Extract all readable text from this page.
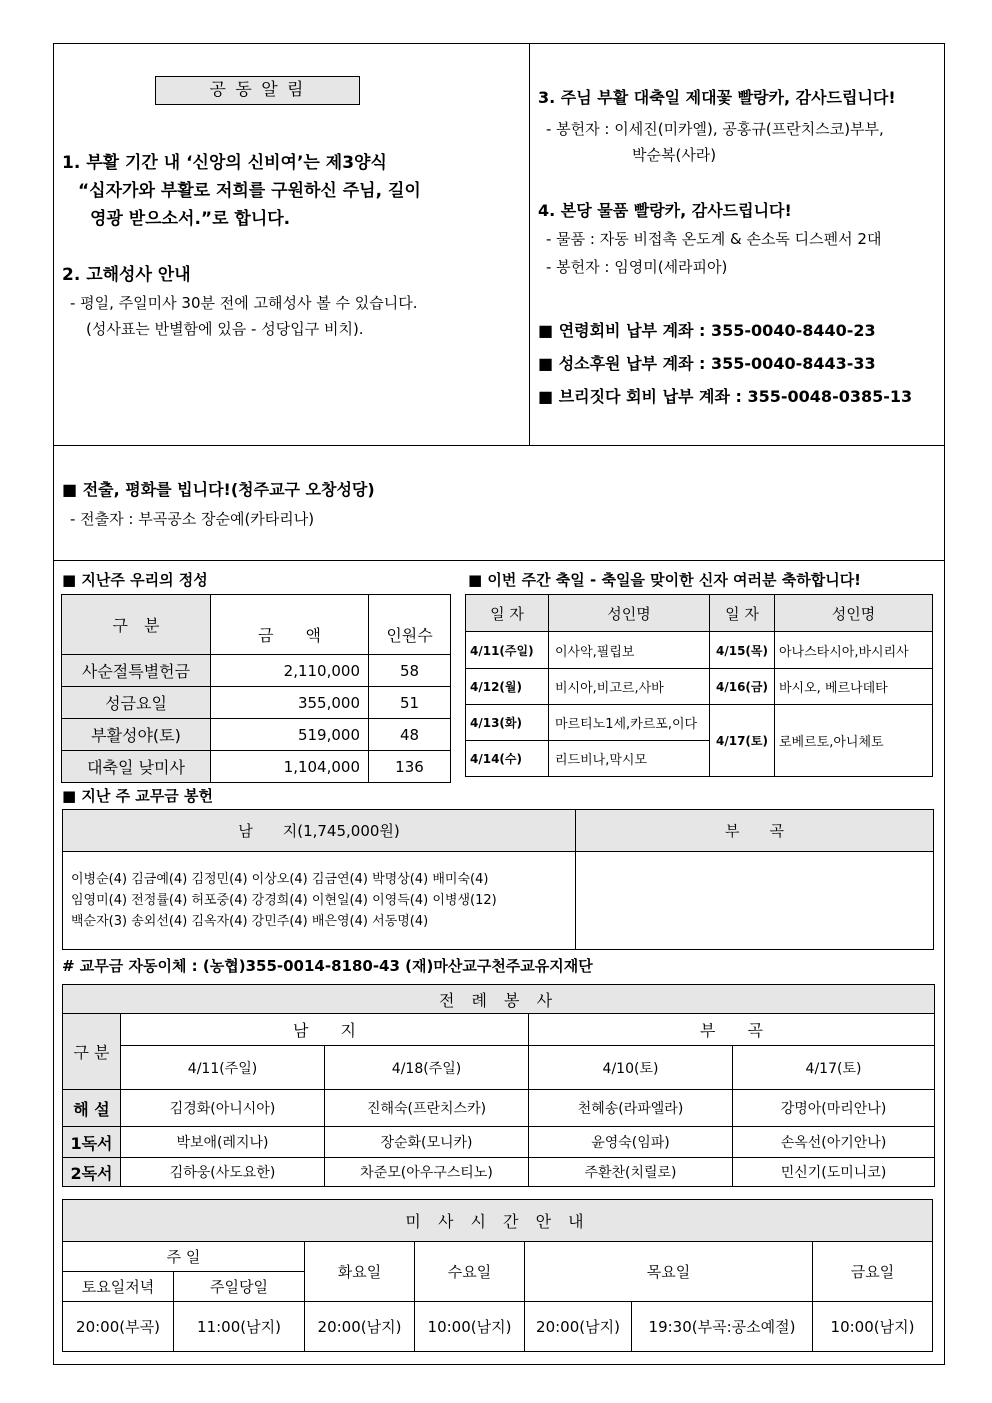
공 동 알 림
1. 부활 기간 내 ‘신앙의 신비여’는 제3양식
“십자가와 부활로 저희를 구원하신 주님, 길이
영광 받으소서.”로 합니다.
2. 고해성사 안내
- 평일, 주일미사 30분 전에 고해성사 볼 수 있습니다.
(성사표는 반별함에 있음 - 성당입구 비치).
3. 주님 부활 대축일 제대꽃 빨랑카, 감사드립니다!
- 봉헌자 : 이세진(미카엘), 공홍규(프란치스코)부부,
박순복(사라)
4. 본당 물품 빨랑카, 감사드립니다!
- 물품 : 자동 비접촉 온도계 & 손소독 디스펜서 2대
- 봉헌자 : 임영미(세라피아)
■ 연령회비 납부 계좌 : 355-0040-8440-23
■ 성소후원 납부 계좌 : 355-0040-8443-33
■ 브리짓다 회비 납부 계좌 : 355-0048-0385-13
■ 전출, 평화를 빕니다!(청주교구 오창성당)
- 전출자 : 부곡공소 장순예(카타리나)
■ 지난주 우리의 정성
구　분	금　　액	인원수
사순절특별헌금	2,110,000	58
성금요일	355,000	51
부활성야(토)	519,000	48
대축일 낮미사	1,104,000	136
■ 이번 주간 축일 - 축일을 맞이한 신자 여러분 축하합니다!
일 자	성인명	일 자	성인명
4/11(주일)	이사악,필립보	4/15(목)	아나스타시아,바시리사
4/12(월)	비시아,비고르,사바	4/16(금)	바시오, 베르나데타
4/13(화)	마르티노1세,카르포,이다	4/17(토)	로베르토,아니체토
4/14(수)	리드비나,막시모		
■ 지난 주 교무금 봉헌
남　　지(1,745,000원)	부　　곡

이병순(4) 김금예(4) 김정민(4) 이상오(4) 김금연(4) 박명상(4) 배미숙(4)
임영미(4) 전정률(4) 허포중(4) 강경희(4) 이현일(4) 이영득(4) 이병생(12)
백순자(3) 송외선(4) 김옥자(4) 강민주(4) 배은영(4) 서동명(4)	

# 교무금 자동이체 : (농협)355-0014-8180-43 (재)마산교구천주교유지재단
전 례 봉 사				
구 분	남　　지		부　　곡	
	4/11(주일)	4/18(주일)	4/10(토)	4/17(토)
해 설	김경화(아니시아)	진해숙(프란치스카)	천혜송(라파엘라)	강명아(마리안나)
1독서	박보애(레지나)	장순화(모니카)	윤영숙(임파)	손옥선(아기안나)
2독서	김하웅(사도요한)	차준모(아우구스티노)	주환찬(치릴로)	민신기(도미니코)
미 사 시 간 안 내						
주 일		화요일	수요일	목요일		금요일
토요일저녁	주일당일					
20:00(부곡)	11:00(남지)	20:00(남지)	10:00(남지)	20:00(남지)	19:30(부곡:공소예절)	10:00(남지)
